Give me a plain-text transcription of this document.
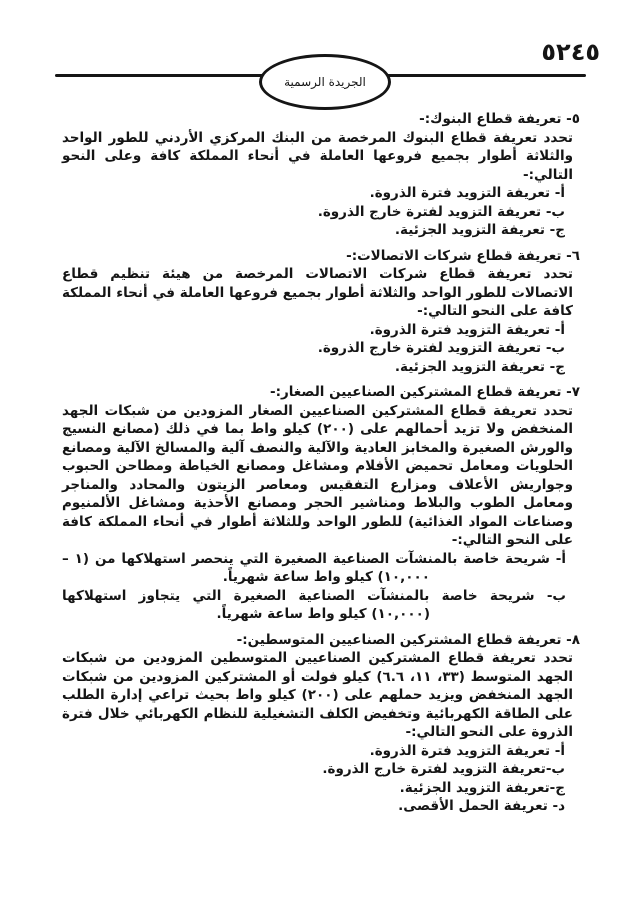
٥٢٤٥
الجريدة الرسمية
٥- تعريفة قطاع البنوك:-

تحدد تعريفة قطاع البنوك المرخصة من البنك المركزي الأردني للطور الواحد والثلاثة أطوار بجميع فروعها العاملة في أنحاء المملكة كافة وعلى النحو التالي:-

أ- تعريفة التزويد فترة الذروة.
ب- تعريفة التزويد لفترة خارج الذروة.
ج- تعريفة التزويد الجزئية.
٦- تعريفة قطاع شركات الاتصالات:-

تحدد تعريفة قطاع شركات الاتصالات المرخصة من هيئة تنظيم قطاع الاتصالات للطور الواحد والثلاثة أطوار بجميع فروعها العاملة في أنحاء المملكة كافة على النحو التالي:-

أ- تعريفة التزويد فترة الذروة.
ب- تعريفة التزويد لفترة خارج الذروة.
ج- تعريفة التزويد الجزئية.
٧- تعريفة قطاع المشتركين الصناعيين الصغار:-

تحدد تعريفة قطاع المشتركين الصناعيين الصغار المزودين من شبكات الجهد المنخفض ولا تزيد أحمالهم على (٢٠٠) كيلو واط بما في ذلك (مصانع النسيج والورش الصغيرة والمخابز العادية والآلية والنصف آلية والمسالخ الآلية ومصانع الحلويات ومعامل تحميض الأفلام ومشاغل ومصانع الخياطة ومطاحن الحبوب وجواريش الأعلاف ومزارع التفقيس ومعاصر الزيتون والمحادد والمناجر ومعامل الطوب والبلاط ومناشير الحجر ومصانع الأحذية ومشاغل الألمنيوم وصناعات المواد الغذائية) للطور الواحد وللثلاثة أطوار في أنحاء المملكة كافة على النحو التالي:-

أ- شريحة خاصة بالمنشآت الصناعية الصغيرة التي ينحصر استهلاكها من (١ – ١٠,٠٠٠) كيلو واط ساعة شهرياً.
ب- شريحة خاصة بالمنشآت الصناعية الصغيرة التي يتجاوز استهلاكها (١٠,٠٠٠) كيلو واط ساعة شهرياً.
٨- تعريفة قطاع المشتركين الصناعيين المتوسطين:-

تحدد تعريفة قطاع المشتركين الصناعيين المتوسطين المزودين من شبكات الجهد المتوسط (٣٣، ١١، ٦.٦) كيلو فولت أو المشتركين المزودين من شبكات الجهد المنخفض ويزيد حملهم على (٢٠٠) كيلو واط بحيث تراعي إدارة الطلب على الطاقة الكهربائية وتخفيض الكلف التشغيلية للنظام الكهربائي خلال فترة الذروة على النحو التالي:-

أ- تعريفة التزويد فترة الذروة.
ب-تعريفة التزويد لفترة خارج الذروة.
ج-تعريفة التزويد الجزئية.
د- تعريفة الحمل الأقصى.
